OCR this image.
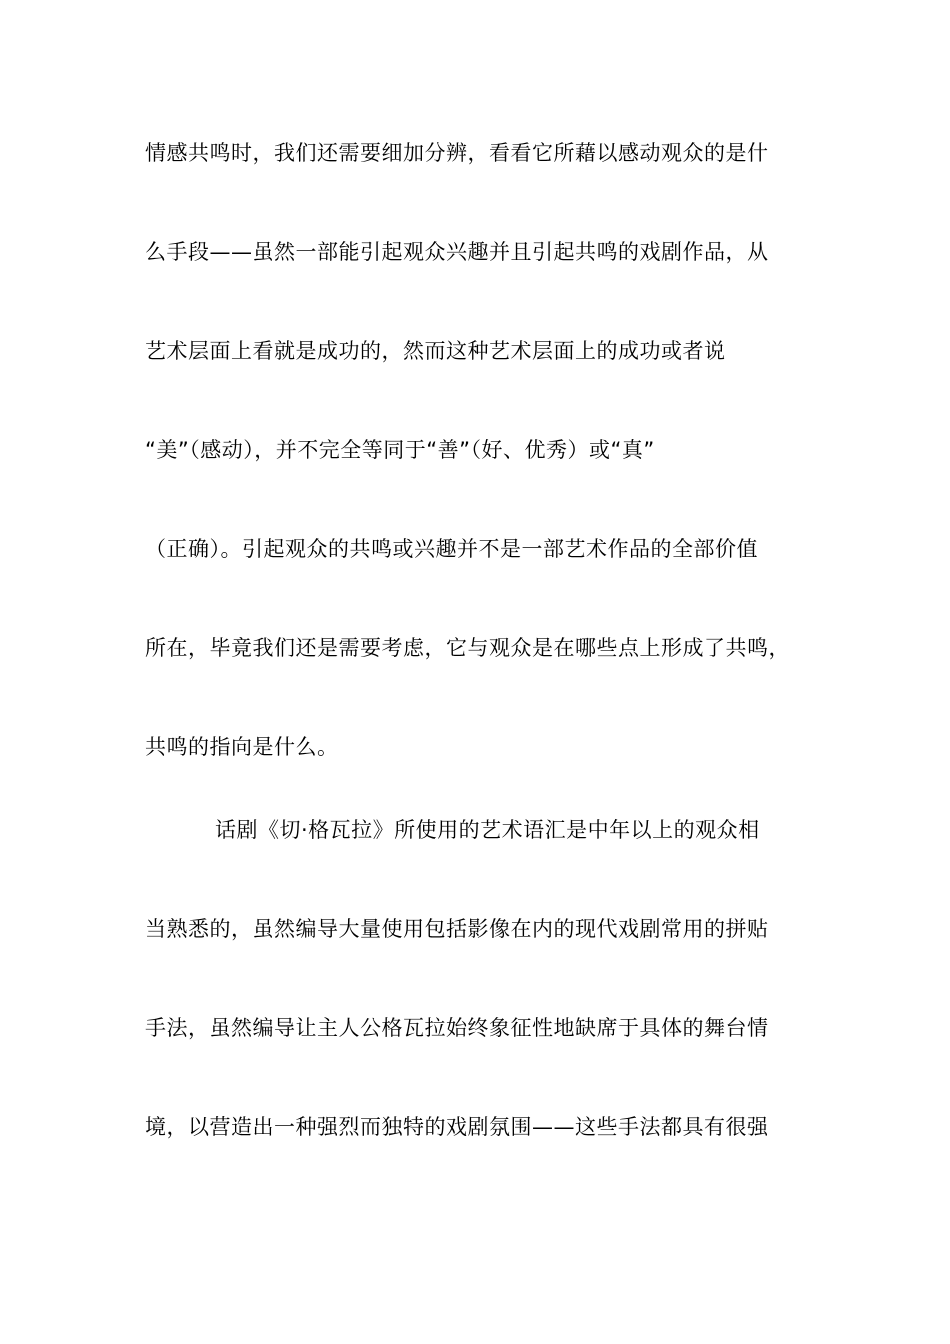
情感共鸣时，我们还需要细加分辨，看看它所藉以感动观众的是什
么手段——虽然一部能引起观众兴趣并且引起共鸣的戏剧作品，从
艺术层面上看就是成功的，然而这种艺术层面上的成功或者说
“美”（感动），并不完全等同于“善”（好、优秀）或“真”
（正确）。引起观众的共鸣或兴趣并不是一部艺术作品的全部价值
所在，毕竟我们还是需要考虑，它与观众是在哪些点上形成了共鸣，
共鸣的指向是什么。
话剧《切·格瓦拉》所使用的艺术语汇是中年以上的观众相
当熟悉的，虽然编导大量使用包括影像在内的现代戏剧常用的拼贴
手法，虽然编导让主人公格瓦拉始终象征性地缺席于具体的舞台情
境，以营造出一种强烈而独特的戏剧氛围——这些手法都具有很强
